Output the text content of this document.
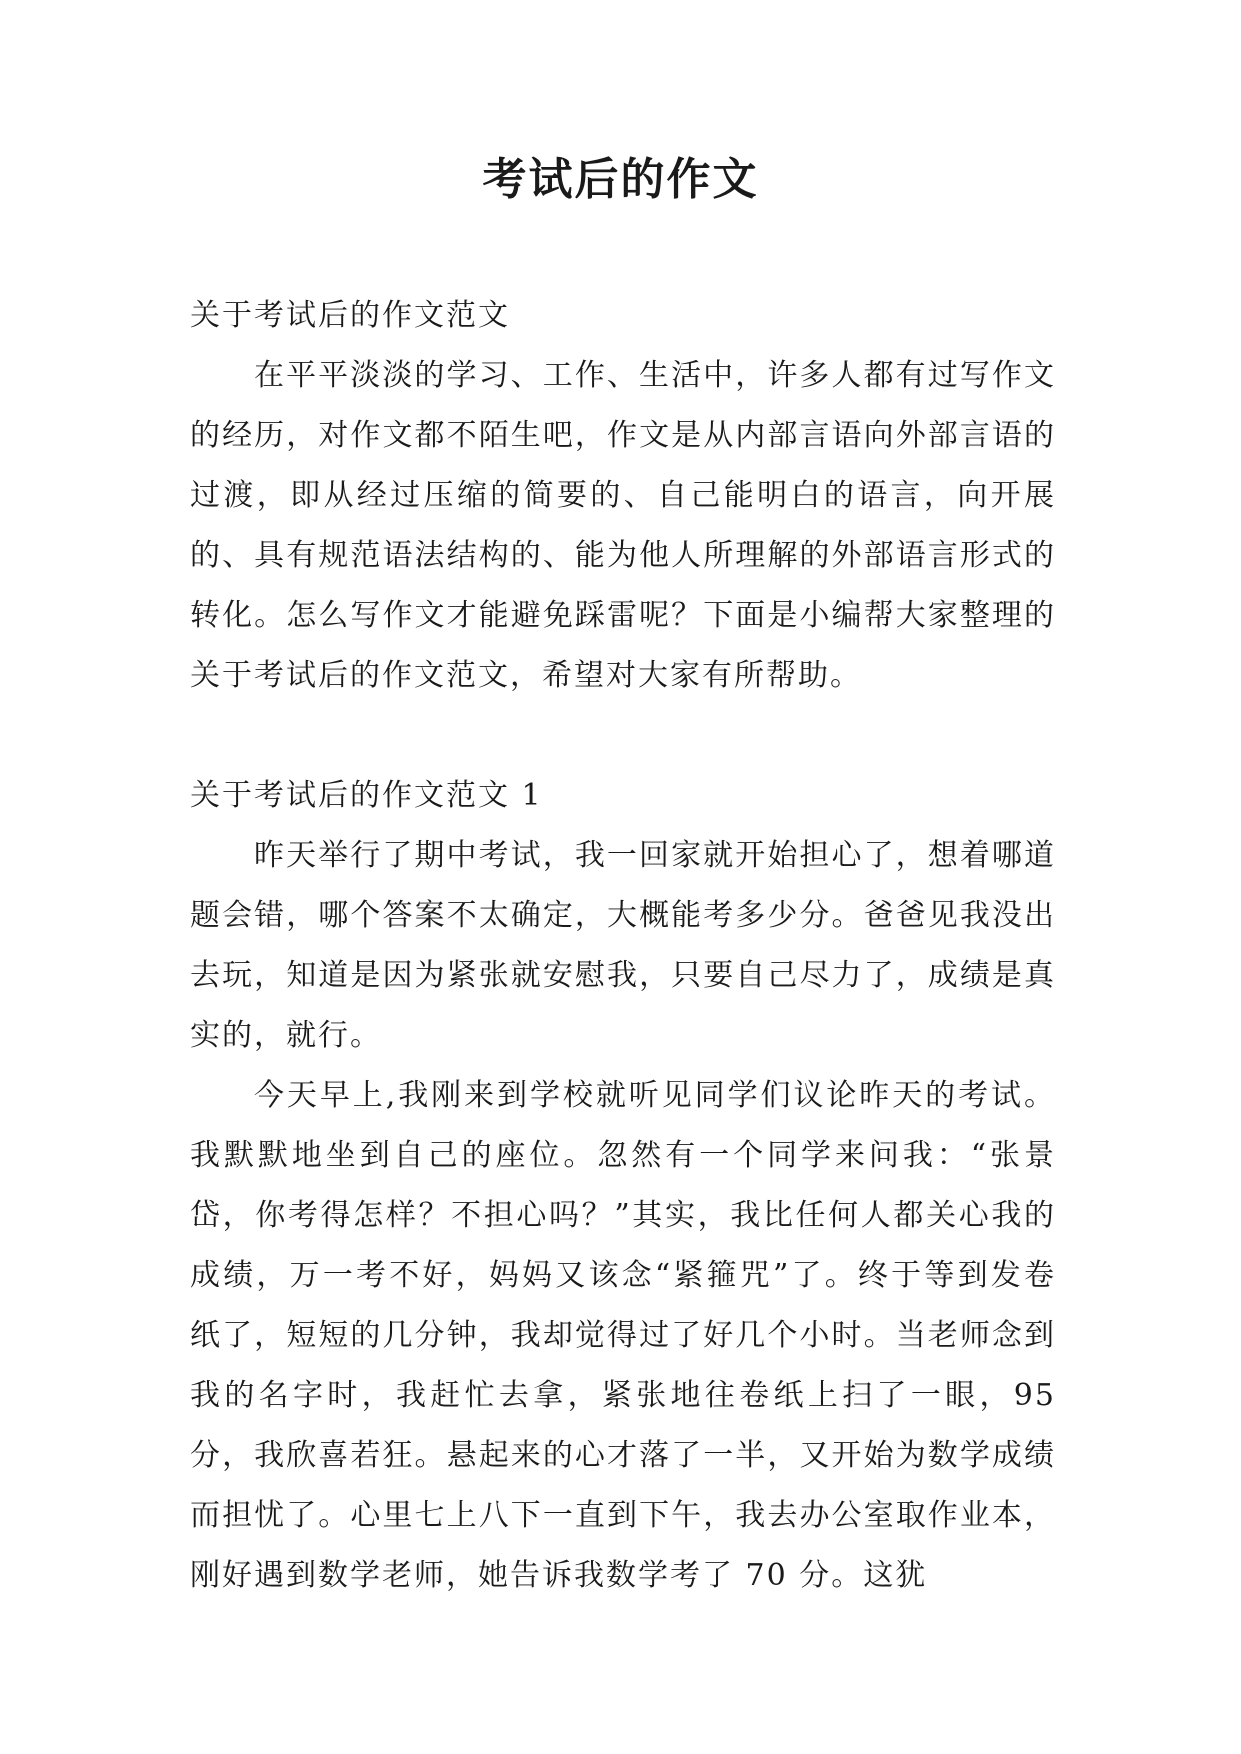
考试后的作文

关于考试后的作文范文

在平平淡淡的学习、工作、生活中，许多人都有过写作文的经历，对作文都不陌生吧，作文是从内部言语向外部言语的过渡，即从经过压缩的简要的、自己能明白的语言，向开展的、具有规范语法结构的、能为他人所理解的外部语言形式的转化。怎么写作文才能避免踩雷呢？下面是小编帮大家整理的关于考试后的作文范文，希望对大家有所帮助。

关于考试后的作文范文 1

昨天举行了期中考试，我一回家就开始担心了，想着哪道题会错，哪个答案不太确定，大概能考多少分。爸爸见我没出去玩，知道是因为紧张就安慰我，只要自己尽力了，成绩是真实的，就行。

今天早上,我刚来到学校就听见同学们议论昨天的考试。我默默地坐到自己的座位。忽然有一个同学来问我：“张景岱，你考得怎样？不担心吗？”其实，我比任何人都关心我的成绩，万一考不好，妈妈又该念“紧箍咒”了。终于等到发卷纸了，短短的几分钟，我却觉得过了好几个小时。当老师念到我的名字时，我赶忙去拿，紧张地往卷纸上扫了一眼，95 分，我欣喜若狂。悬起来的心才落了一半，又开始为数学成绩而担忧了。心里七上八下一直到下午，我去办公室取作业本，刚好遇到数学老师，她告诉我数学考了 70 分。这犹
